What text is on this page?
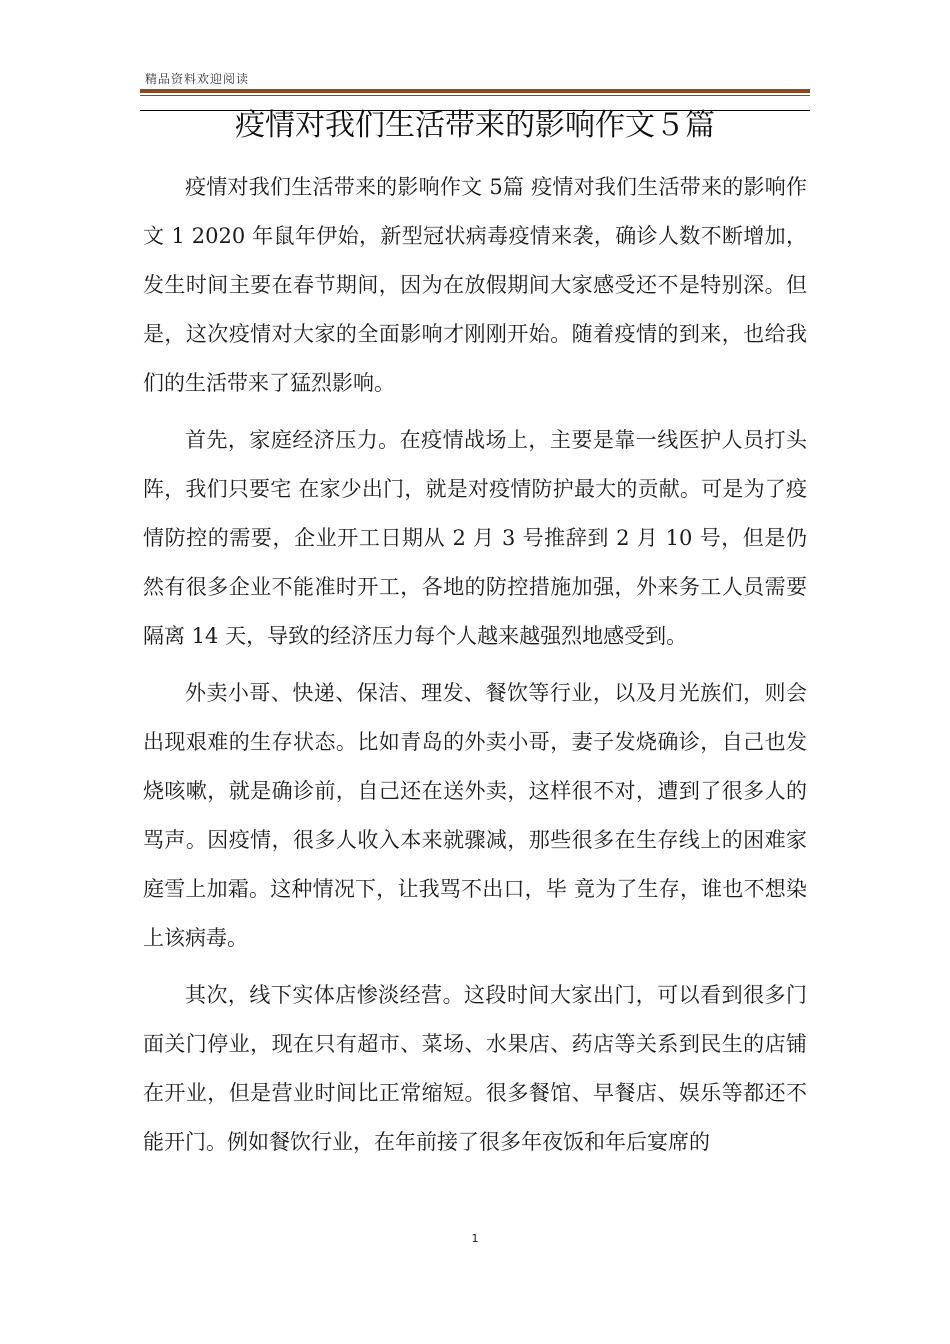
精品资料欢迎阅读
疫情对我们生活带来的影响作文５篇

疫情对我们生活带来的影响作文 5篇 疫情对我们生活带来的影响作文 1 2020 年鼠年伊始，新型冠状病毒疫情来袭，确诊人数不断增加，发生时间主要在春节期间，因为在放假期间大家感受还不是特别深。但是，这次疫情对大家的全面影响才刚刚开始。随着疫情的到来，也给我们的生活带来了猛烈影响。

首先，家庭经济压力。在疫情战场上，主要是靠一线医护人员打头阵，我们只要宅 在家少出门，就是对疫情防护最大的贡献。可是为了疫情防控的需要，企业开工日期从 2 月 3 号推辞到 2 月 10 号，但是仍然有很多企业不能准时开工，各地的防控措施加强，外来务工人员需要隔离 14 天，导致的经济压力每个人越来越强烈地感受到。

外卖小哥、快递、保洁、理发、餐饮等行业，以及月光族们，则会出现艰难的生存状态。比如青岛的外卖小哥，妻子发烧确诊，自己也发烧咳嗽，就是确诊前，自己还在送外卖，这样很不对，遭到了很多人的骂声。因疫情，很多人收入本来就骤减，那些很多在生存线上的困难家庭雪上加霜。这种情况下，让我骂不出口，毕 竟为了生存，谁也不想染上该病毒。

其次，线下实体店惨淡经营。这段时间大家出门，可以看到很多门面关门停业，现在只有超市、菜场、水果店、药店等关系到民生的店铺在开业，但是营业时间比正常缩短。很多餐馆、早餐店、娱乐等都还不能开门。例如餐饮行业，在年前接了很多年夜饭和年后宴席的

1
